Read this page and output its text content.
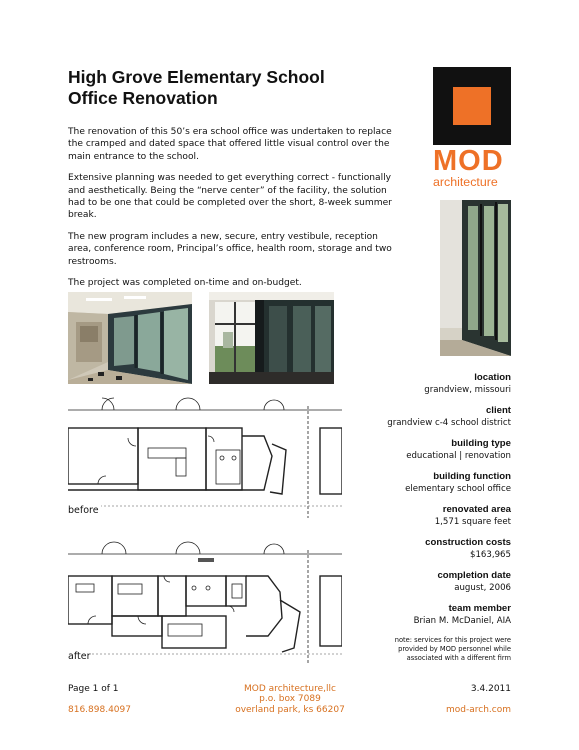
High Grove Elementary School
Office Renovation

The renovation of this 50’s era school office was undertaken to replace the cramped and dated space that offered little visual control over the main entrance to the school.

Extensive planning was needed to get everything correct - functionally and aesthetically. Being the “nerve center” of the facility, the solution had to be one that could be completed over the short, 8-week summer break.

The new program includes a new, secure, entry vestibule, reception area, conference room, Principal’s office, health room, storage and two restrooms.

The project was completed on-time and on-budget.

before
after
MOD
architecture
location
grandview, missouri
client
grandview c-4 school district
building type
educational | renovation
building function
elementary school office
renovated area
1,571 square feet
construction costs
$163,965
completion date
august, 2006
team member
Brian M. McDaniel, AIA
note: services for this project were provided by MOD personnel while associated with a different firm
Page 1 of 1
816.898.4097
MOD architecture,llc
p.o. box 7089
overland park, ks 66207
3.4.2011
mod-arch.com
